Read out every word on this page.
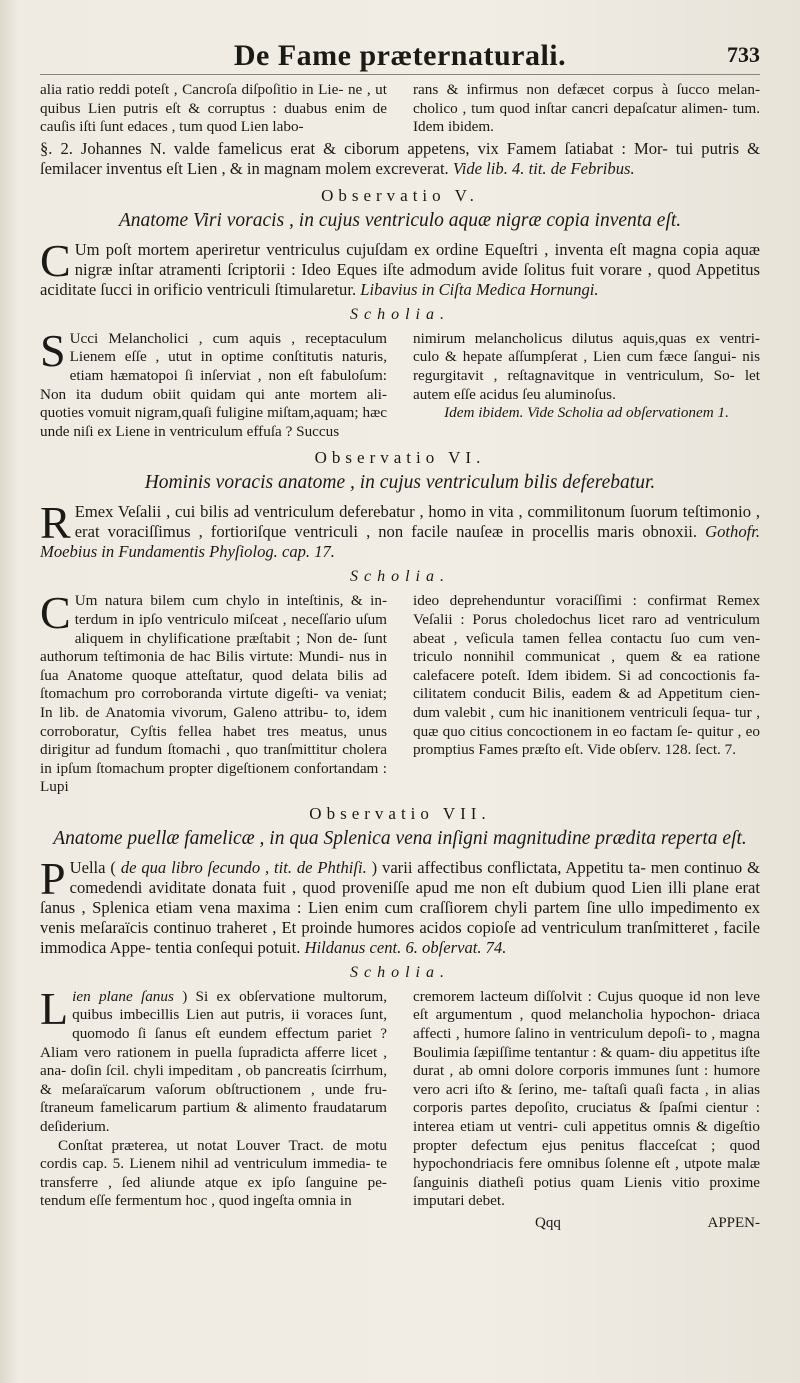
De Fame præternaturali.	733
alia ratio reddi poteſt , Cancroſa diſpoſitio in Lie- ne , ut quibus Lien putris eſt & corruptus : duabus enim de cauſis iſti ſunt edaces , tum quod Lien labo-
rans & infirmus non defæcet corpus à ſucco melan- cholico , tum quod inſtar cancri depaſcatur alimen- tum. Idem ibidem.

§. 2. Johannes N. valde famelicus erat & ciborum appetens, vix Famem ſatiabat : Mor- tui putris & ſemilacer inventus eſt Lien , & in magnam molem excreverat. Vide lib. 4. tit. de Febribus.

Observatio V.
Anatome Viri voracis , in cujus ventriculo aquæ nigræ copia inventa eſt.

C Um poſt mortem aperiretur ventriculus cujuſdam ex ordine Equeſtri , inventa eſt magna copia aquæ nigræ inſtar atramenti ſcriptorii : Ideo Eques iſte admodum avide ſolitus fuit vorare , quod Appetitus aciditate ſucci in orificio ventriculi ſtimularetur. Libavius in Ciſta Medica Hornungi.

Scholia.
S Ucci Melancholici , cum aquis , receptaculum Lienem eſſe , utut in optime conſtitutis naturis, etiam hæmatopoi ſi inſerviat , non eſt fabuloſum: Non ita dudum obiit quidam qui ante mortem ali- quoties vomuit nigram,quaſi fuligine miſtam,aquam; hæc unde niſi ex Liene in ventriculum effuſa ? Succus
nimirum melancholicus dilutus aquis,quas ex ventri- culo & hepate aſſumpſerat , Lien cum fæce ſangui- nis regurgitavit , reſtagnavitque in ventriculum, So- let autem eſſe acidus ſeu aluminoſus.
Idem ibidem. Vide Scholia ad obſervationem 1.
Observatio VI.
Hominis voracis anatome , in cujus ventriculum bilis deferebatur.

R Emex Veſalii , cui bilis ad ventriculum deferebatur , homo in vita , commilitonum ſuorum teſtimonio , erat voraciſſimus , fortioriſque ventriculi , non facile nauſeæ in procellis maris obnoxii. Gothofr. Moebius in Fundamentis Phyſiolog. cap. 17.

Scholia.
C Um natura bilem cum chylo in inteſtinis, & in- terdum in ipſo ventriculo miſceat , neceſſario uſum aliquem in chylificatione præſtabit ; Non de- ſunt authorum teſtimonia de hac Bilis virtute: Mundi- nus in ſua Anatome quoque atteſtatur, quod delata bilis ad ſtomachum pro corroboranda virtute digeſti- va veniat; In lib. de Anatomia vivorum, Galeno attribu- to, idem corroboratur, Cyſtis fellea habet tres meatus, unus dirigitur ad fundum ſtomachi , quo tranſmittitur cholera in ipſum ſtomachum propter digeſtionem confortandam : Lupi
ideo deprehenduntur voraciſſimi : confirmat Remex Veſalii : Porus choledochus licet raro ad ventriculum abeat , veſicula tamen fellea contactu ſuo cum ven- triculo nonnihil communicat , quem & ea ratione calefacere poteſt. Idem ibidem. Si ad concoctionis fa- cilitatem conducit Bilis, eadem & ad Appetitum cien- dum valebit , cum hic inanitionem ventriculi ſequa- tur , quæ quo citius concoctionem in eo factam ſe- quitur , eo promptius Fames præſto eſt. Vide obſerv. 128. ſect. 7.
Observatio VII.
Anatome puellæ famelicæ , in qua Splenica vena inſigni magnitudine prædita reperta eſt.

P Uella ( de qua libro ſecundo , tit. de Phthiſi. ) varii affectibus conflictata, Appetitu ta- men continuo & comedendi aviditate donata fuit , quod proveniſſe apud me non eſt dubium quod Lien illi plane erat ſanus , Splenica etiam vena maxima : Lien enim cum craſſiorem chyli partem ſine ullo impedimento ex venis meſaraïcis continuo traheret , Et proinde humores acidos copioſe ad ventriculum tranſmitteret , facile immodica Appe- tentia conſequi potuit. Hildanus cent. 6. obſervat. 74.

Scholia.
Lien plane ſanus ) Si ex obſervatione multorum, quibus imbecillis Lien aut putris, ii voraces ſunt, quomodo ſi ſanus eſt eundem effectum pariet ? Aliam vero rationem in puella ſupradicta afferre licet , ana- doſin ſcil. chyli impeditam , ob pancreatis ſcirrhum, & meſaraïcarum vaſorum obſtructionem , unde fru- ſtraneum famelicarum partium & alimento fraudatarum deſiderium.
Conſtat præterea, ut notat Louver Tract. de motu cordis cap. 5. Lienem nihil ad ventriculum immedia- te transferre , ſed aliunde atque ex ipſo ſanguine pe- tendum eſſe fermentum hoc , quod ingeſta omnia in
cremorem lacteum diſſolvit : Cujus quoque id non leve eſt argumentum , quod melancholia hypochon- driaca affecti , humore ſalino in ventriculum depoſi- to , magna Boulimia ſæpiſſime tentantur : & quam- diu appetitus iſte durat , ab omni dolore corporis immunes ſunt : humore vero acri iſto & ſerino, me- taſtaſi quaſi facta , in alias corporis partes depoſito, cruciatus & ſpaſmi cientur : interea etiam ut ventri- culi appetitus omnis & digeſtio propter defectum ejus penitus flacceſcat ; quod hypochondriacis fere omnibus ſolenne eſt , utpote malæ ſanguinis diatheſi potius quam Lienis vitio proxime imputari debet.
Qqq	APPEN-
